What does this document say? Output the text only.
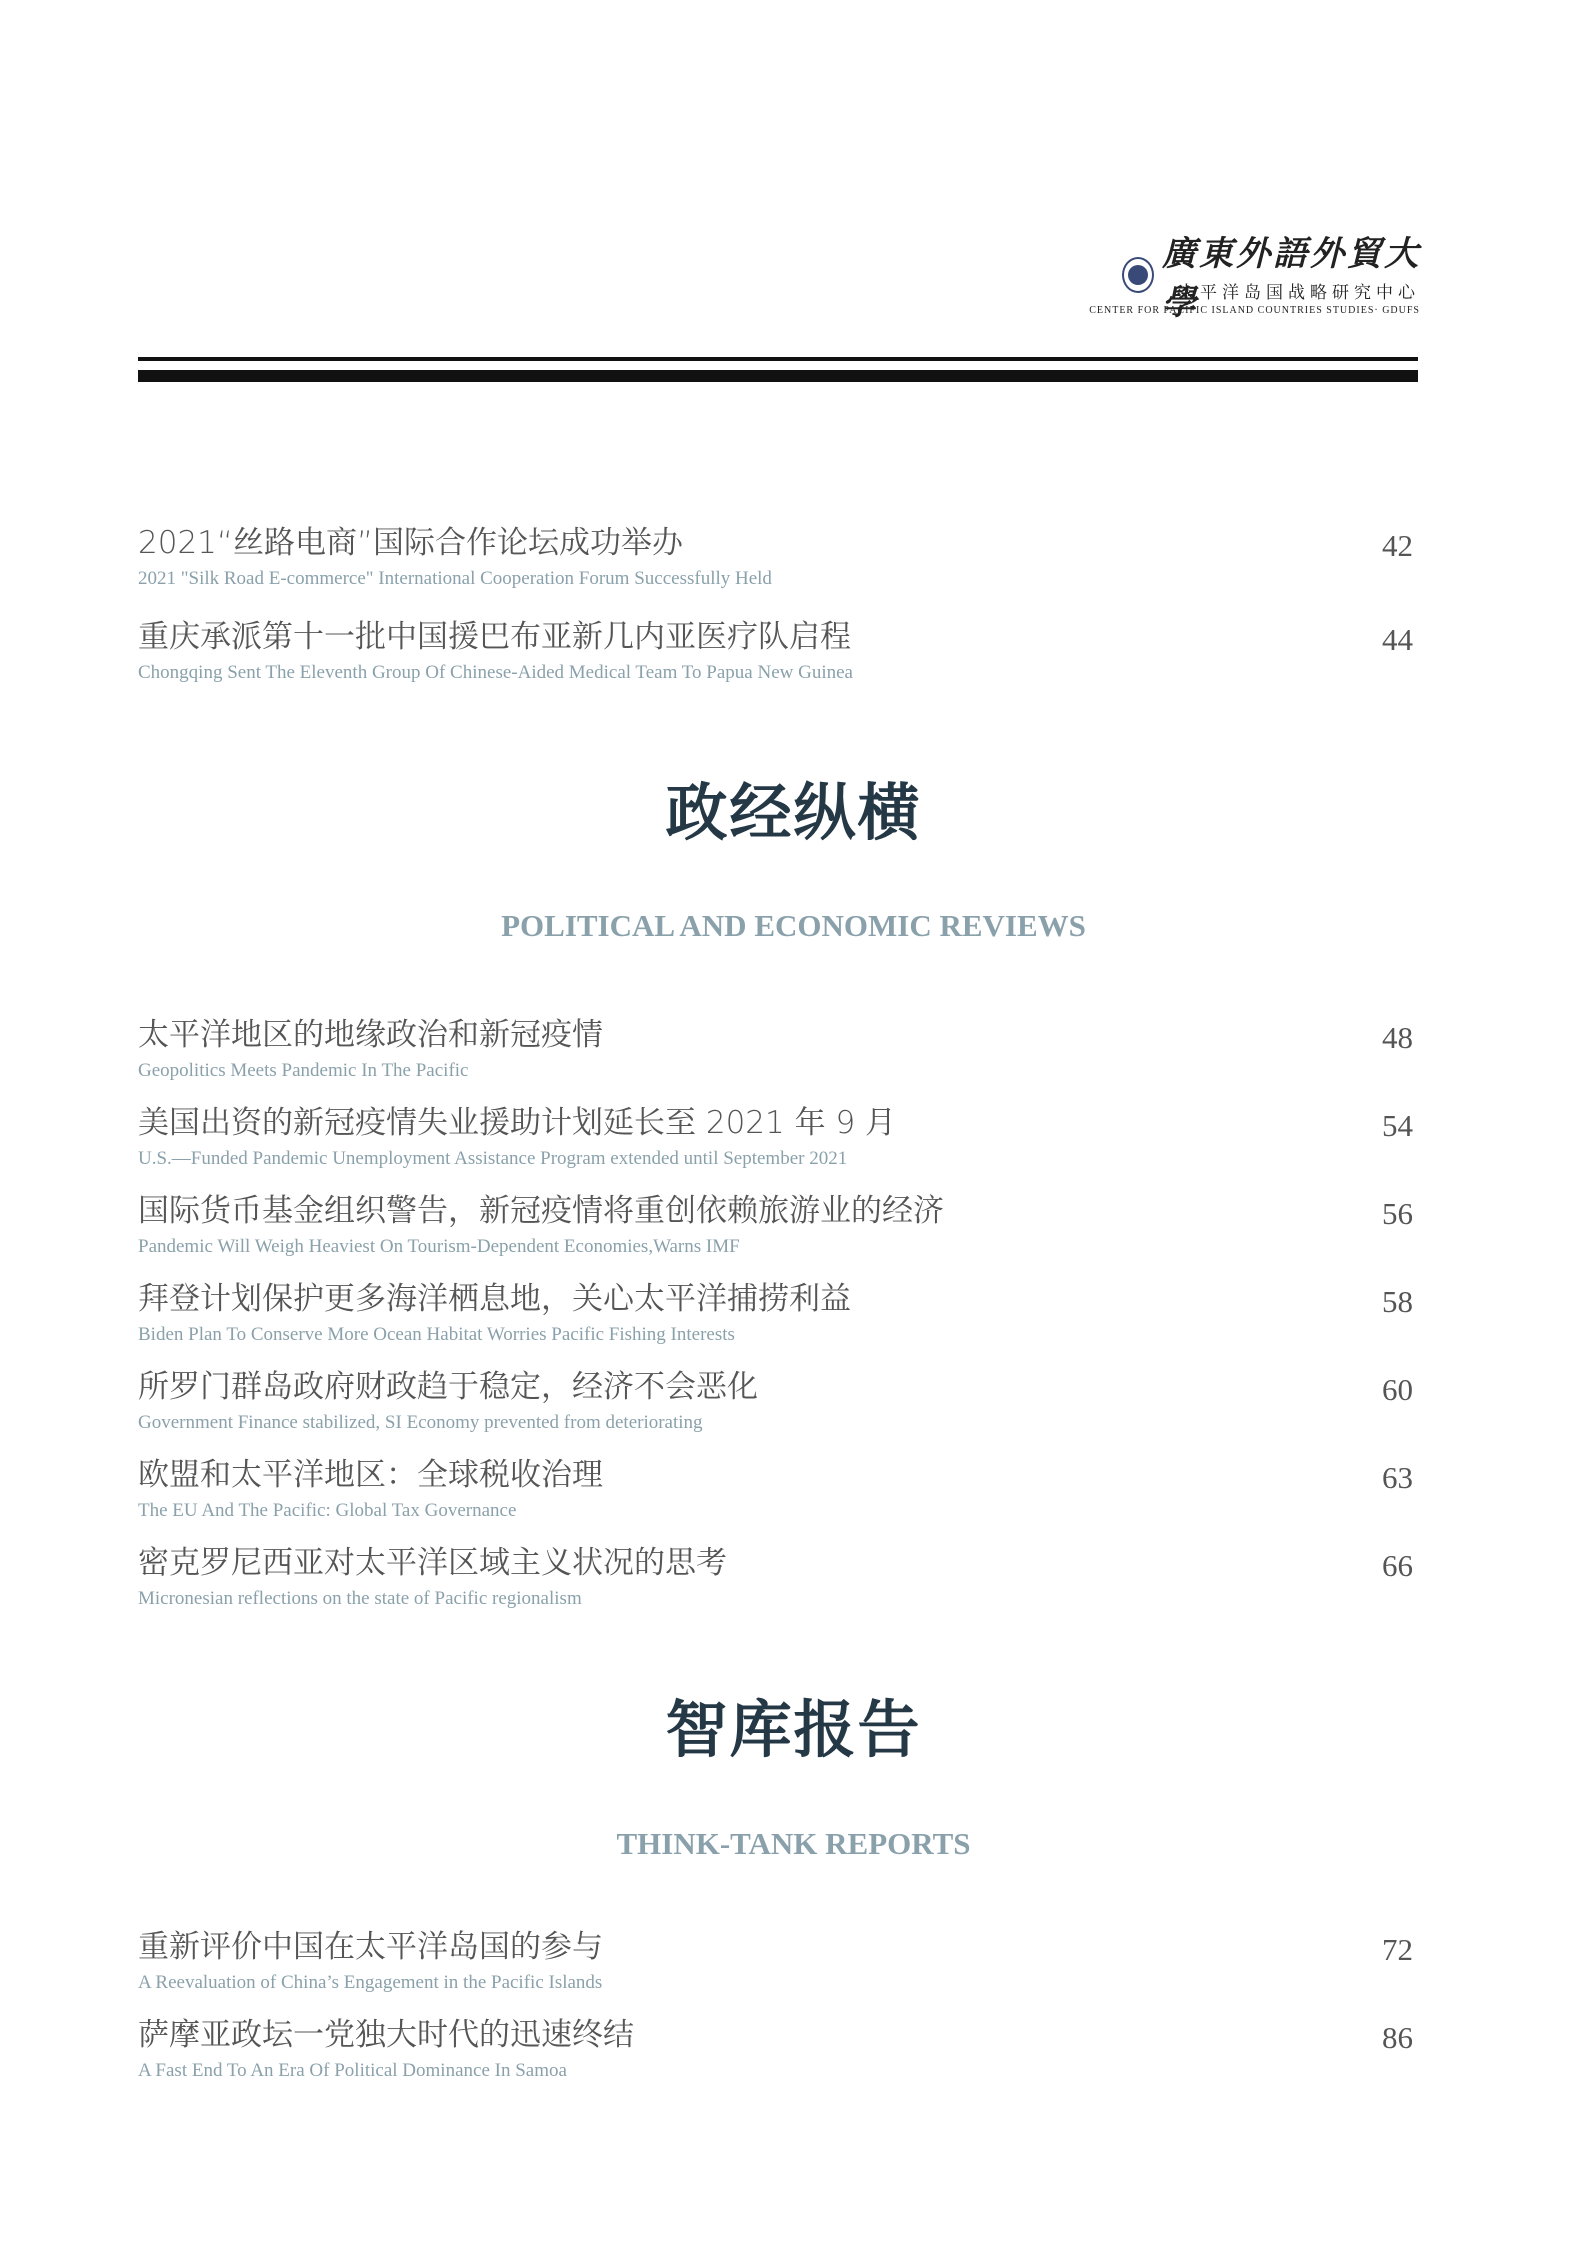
廣東外語外貿大學
太平洋岛国战略研究中心
CENTER FOR PACIFIC ISLAND COUNTRIES STUDIES· GDUFS
2021“丝路电商”国际合作论坛成功举办
2021 "Silk Road E-commerce" International Cooperation Forum Successfully Held
42
重庆承派第十一批中国援巴布亚新几内亚医疗队启程
Chongqing Sent The Eleventh Group Of Chinese-Aided Medical Team To Papua New Guinea
44
政经纵横
POLITICAL AND ECONOMIC REVIEWS
太平洋地区的地缘政治和新冠疫情
Geopolitics Meets Pandemic In The Pacific
48
美国出资的新冠疫情失业援助计划延长至 2021 年 9 月
U.S.—Funded Pandemic Unemployment Assistance Program extended until September 2021
54
国际货币基金组织警告，新冠疫情将重创依赖旅游业的经济
Pandemic Will Weigh Heaviest On Tourism-Dependent Economies,Warns IMF
56
拜登计划保护更多海洋栖息地，关心太平洋捕捞利益
Biden Plan To Conserve More Ocean Habitat Worries Pacific Fishing Interests
58
所罗门群岛政府财政趋于稳定，经济不会恶化
Government Finance stabilized, SI Economy prevented from deteriorating
60
欧盟和太平洋地区：全球税收治理
The EU And The Pacific: Global Tax Governance
63
密克罗尼西亚对太平洋区域主义状况的思考
Micronesian reflections on the state of Pacific regionalism
66
智库报告
THINK-TANK REPORTS
重新评价中国在太平洋岛国的参与
A Reevaluation of China’s Engagement in the Pacific Islands
72
萨摩亚政坛一党独大时代的迅速终结
A Fast End To An Era Of Political Dominance In Samoa
86
